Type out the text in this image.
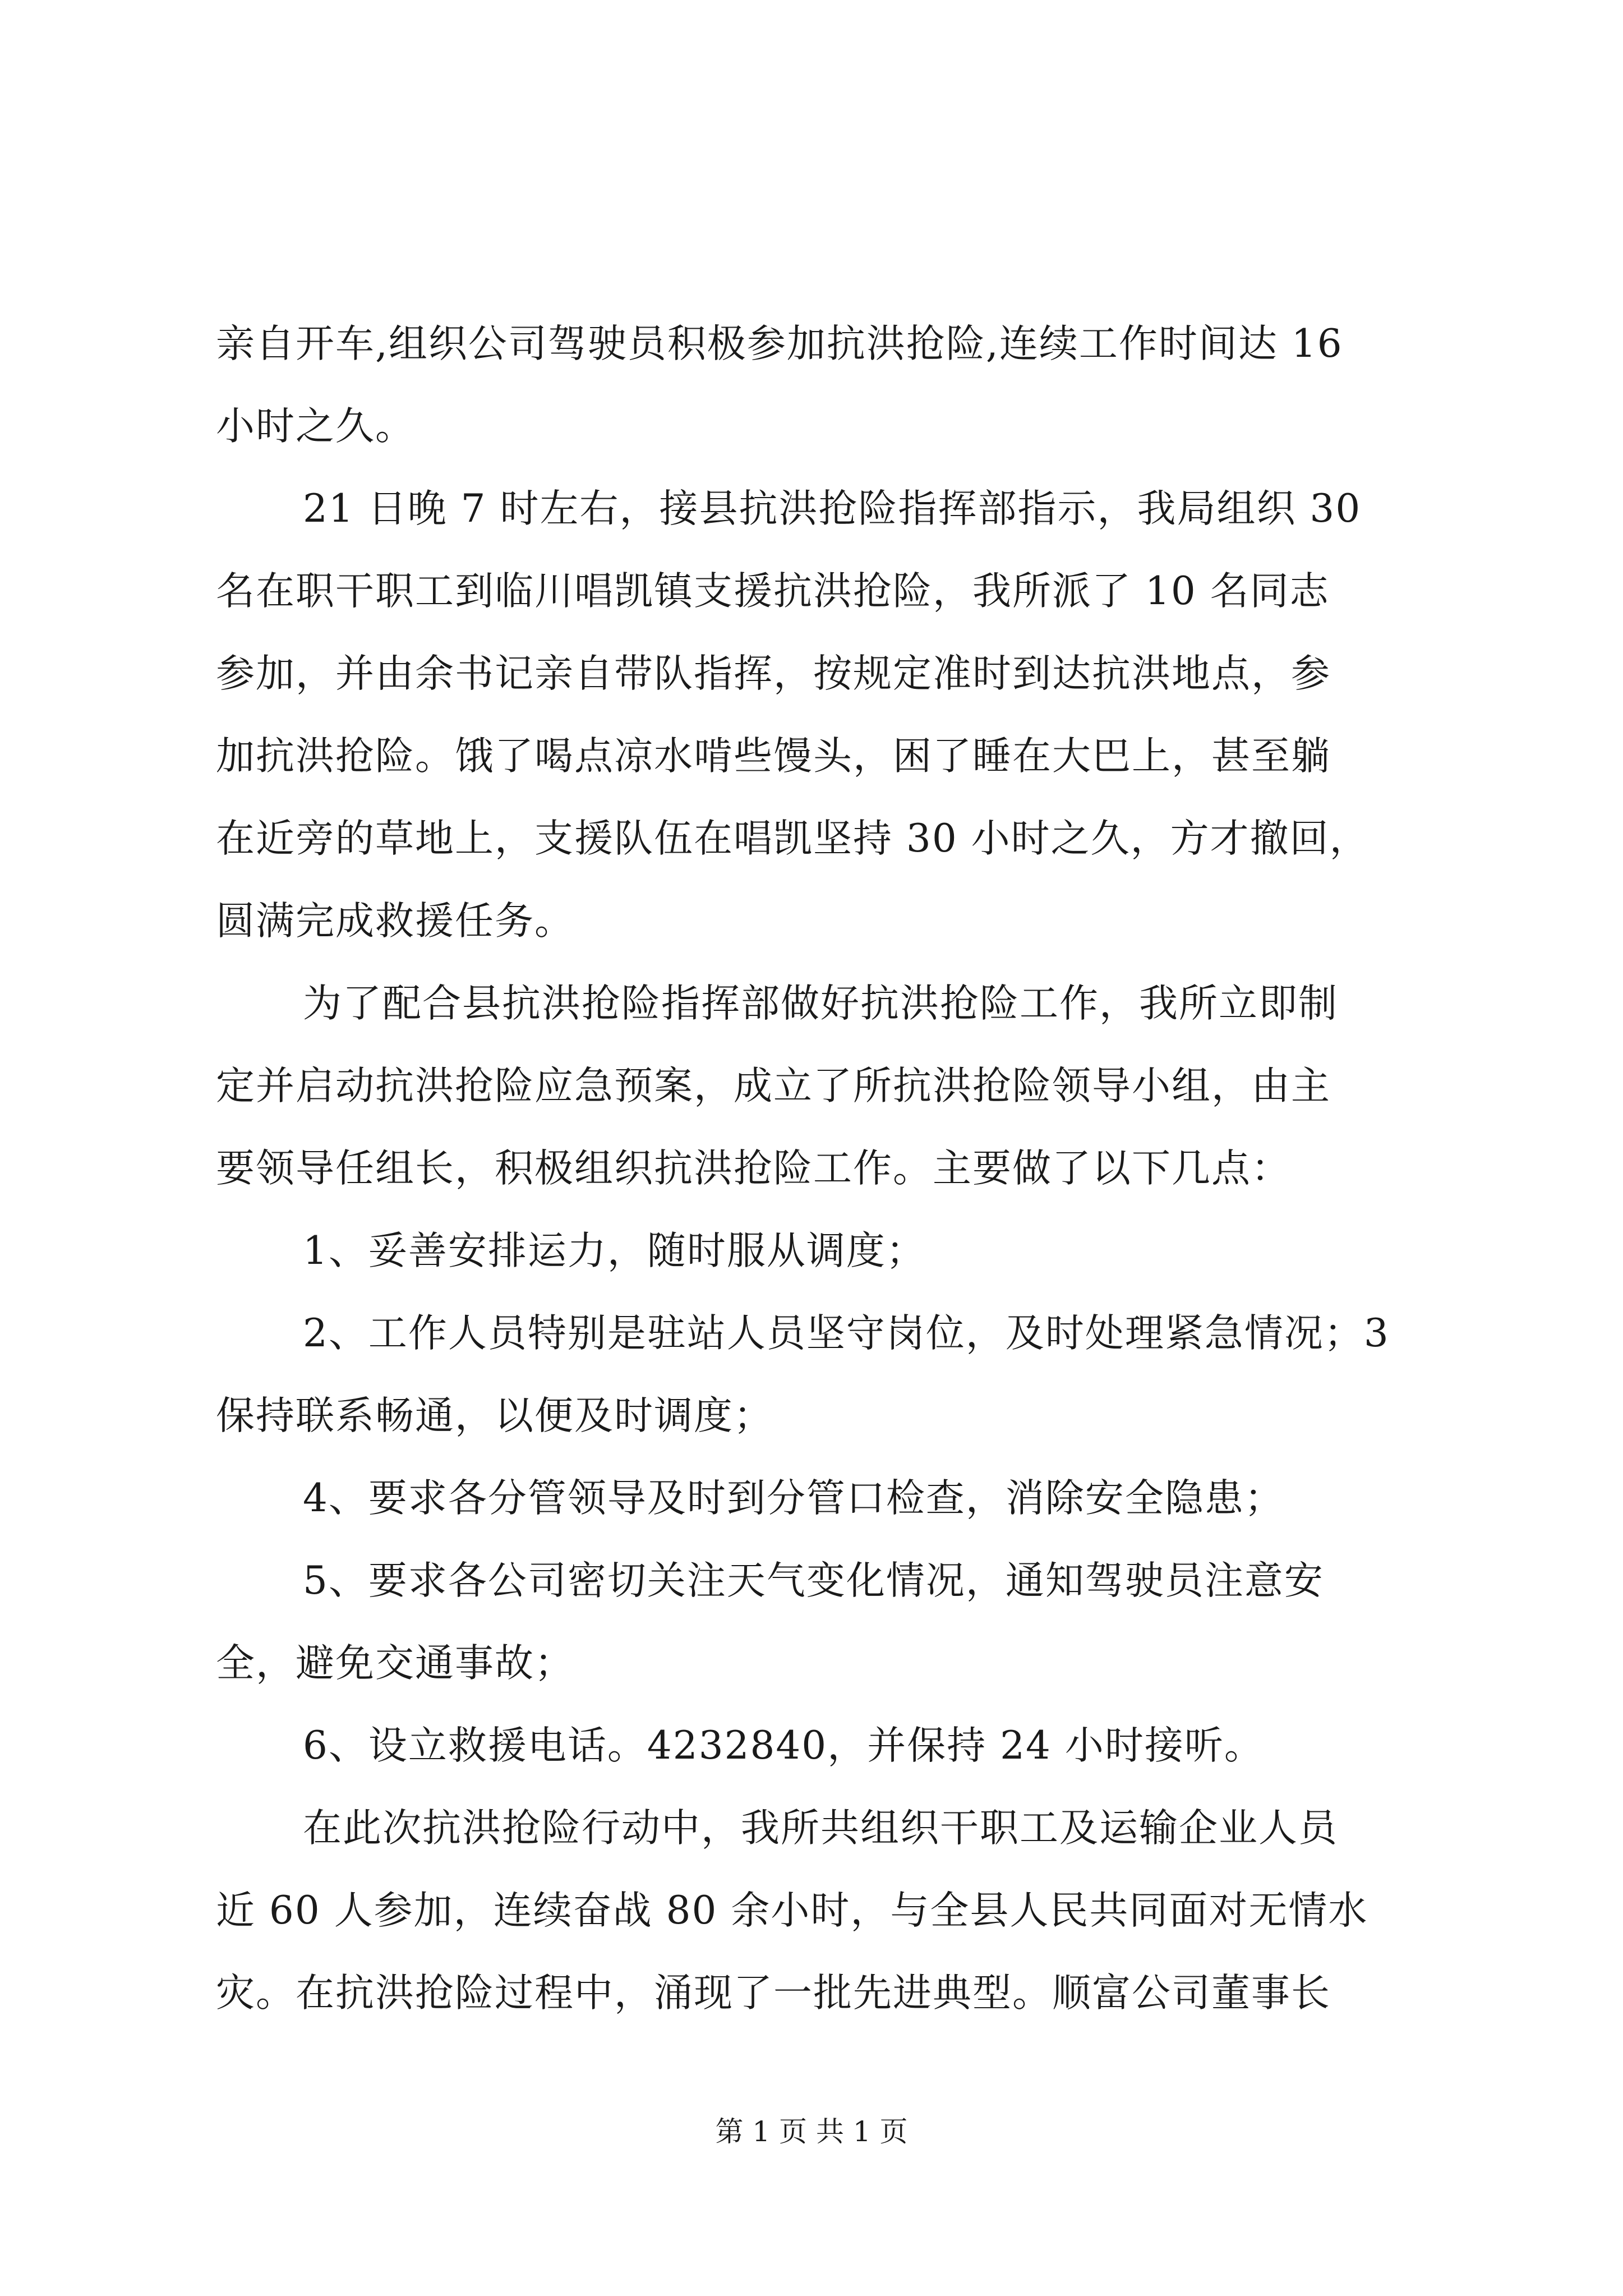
亲自开车,组织公司驾驶员积极参加抗洪抢险,连续工作时间达 16
小时之久。
21 日晚 7 时左右，接县抗洪抢险指挥部指示，我局组织 30
名在职干职工到临川唱凯镇支援抗洪抢险，我所派了 10 名同志
参加，并由余书记亲自带队指挥，按规定准时到达抗洪地点，参
加抗洪抢险。饿了喝点凉水啃些馒头，困了睡在大巴上，甚至躺
在近旁的草地上，支援队伍在唱凯坚持 30 小时之久，方才撤回，
圆满完成救援任务。
为了配合县抗洪抢险指挥部做好抗洪抢险工作，我所立即制
定并启动抗洪抢险应急预案，成立了所抗洪抢险领导小组，由主
要领导任组长，积极组织抗洪抢险工作。主要做了以下几点：
1、妥善安排运力，随时服从调度；
2、工作人员特别是驻站人员坚守岗位，及时处理紧急情况；3
保持联系畅通，以便及时调度；
4、要求各分管领导及时到分管口检查，消除安全隐患；
5、要求各公司密切关注天气变化情况，通知驾驶员注意安
全，避免交通事故；
6、设立救援电话。4232840，并保持 24 小时接听。
在此次抗洪抢险行动中，我所共组织干职工及运输企业人员
近 60 人参加，连续奋战 80 余小时，与全县人民共同面对无情水
灾。在抗洪抢险过程中，涌现了一批先进典型。顺富公司董事长
第 1 页 共 1 页
